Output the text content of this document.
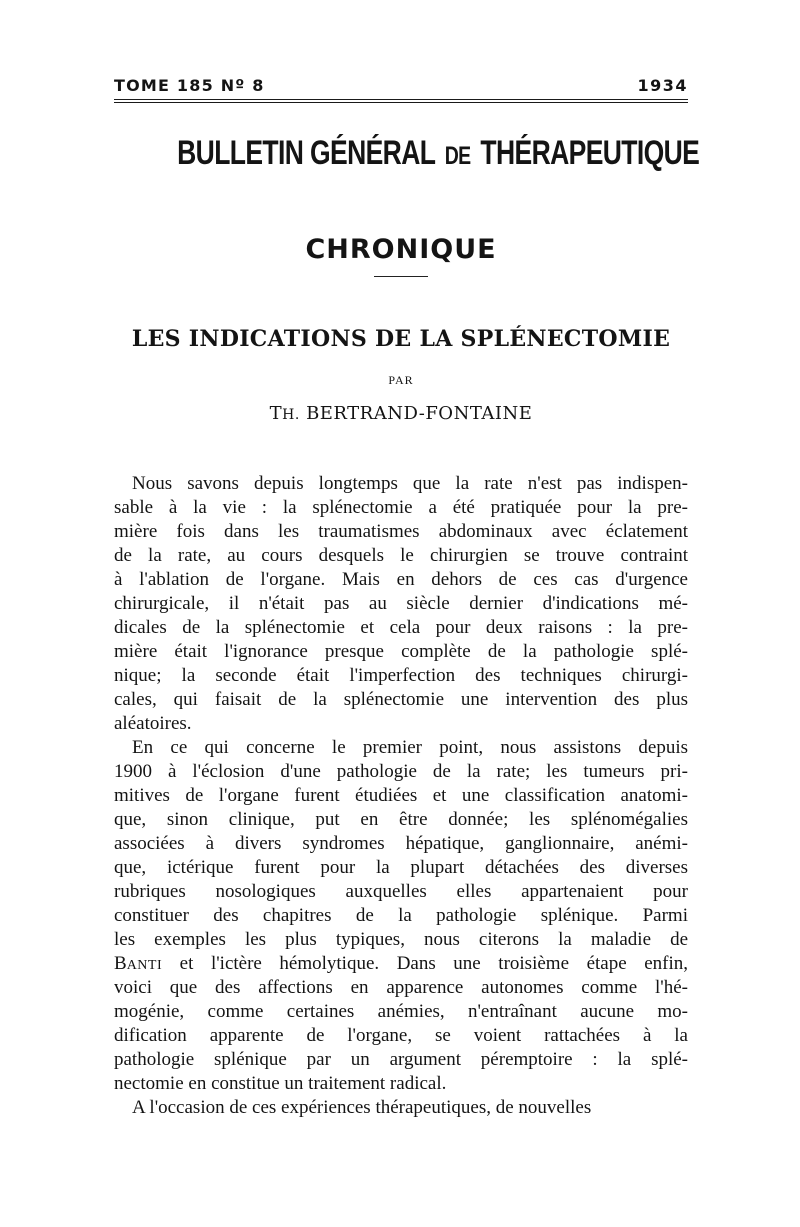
TOME 185 Nº 8	1934
BULLETIN GÉNÉRAL DE THÉRAPEUTIQUE
CHRONIQUE
LES INDICATIONS DE LA SPLÉNECTOMIE
PAR
TH. BERTRAND-FONTAINE
Nous savons depuis longtemps que la rate n'est pas indispen-
sable à la vie : la splénectomie a été pratiquée pour la pre-
mière fois dans les traumatismes abdominaux avec éclatement
de la rate, au cours desquels le chirurgien se trouve contraint
à l'ablation de l'organe. Mais en dehors de ces cas d'urgence
chirurgicale, il n'était pas au siècle dernier d'indications mé-
dicales de la splénectomie et cela pour deux raisons : la pre-
mière était l'ignorance presque complète de la pathologie splé-
nique; la seconde était l'imperfection des techniques chirurgi-
cales, qui faisait de la splénectomie une intervention des plus
aléatoires.
En ce qui concerne le premier point, nous assistons depuis
1900 à l'éclosion d'une pathologie de la rate; les tumeurs pri-
mitives de l'organe furent étudiées et une classification anatomi-
que, sinon clinique, put en être donnée; les splénomégalies
associées à divers syndromes hépatique, ganglionnaire, anémi-
que, ictérique furent pour la plupart détachées des diverses
rubriques nosologiques auxquelles elles appartenaient pour
constituer des chapitres de la pathologie splénique. Parmi
les exemples les plus typiques, nous citerons la maladie de
BANTI et l'ictère hémolytique. Dans une troisième étape enfin,
voici que des affections en apparence autonomes comme l'hé-
mogénie, comme certaines anémies, n'entraînant aucune mo-
dification apparente de l'organe, se voient rattachées à la
pathologie splénique par un argument péremptoire : la splé-
nectomie en constitue un traitement radical.
A l'occasion de ces expériences thérapeutiques, de nouvelles
